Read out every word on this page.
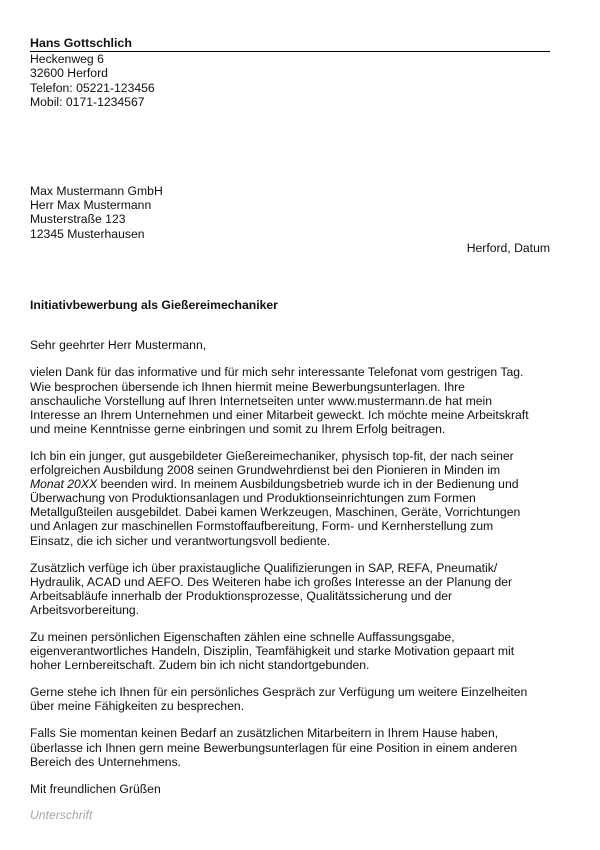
Hans Gottschlich
Heckenweg 6
32600 Herford
Telefon: 05221-123456
Mobil: 0171-1234567
Max Mustermann GmbH
Herr Max Mustermann
Musterstraße 123
12345 Musterhausen
Herford, Datum
Initiativbewerbung als Gießereimechaniker
Sehr geehrter Herr Mustermann,
vielen Dank für das informative und für mich sehr interessante Telefonat vom gestrigen Tag.
Wie besprochen übersende ich Ihnen hiermit meine Bewerbungsunterlagen. Ihre
anschauliche Vorstellung auf Ihren Internetseiten unter www.mustermann.de hat mein
Interesse an Ihrem Unternehmen und einer Mitarbeit geweckt. Ich möchte meine Arbeitskraft
und meine Kenntnisse gerne einbringen und somit zu Ihrem Erfolg beitragen.
Ich bin ein junger, gut ausgebildeter Gießereimechaniker, physisch top-fit, der nach seiner
erfolgreichen Ausbildung 2008 seinen Grundwehrdienst bei den Pionieren in Minden im
Monat 20XX beenden wird. In meinem Ausbildungsbetrieb wurde ich in der Bedienung und
Überwachung von Produktionsanlagen und Produktionseinrichtungen zum Formen
Metallgußteilen ausgebildet. Dabei kamen Werkzeugen, Maschinen, Geräte, Vorrichtungen
und Anlagen zur maschinellen Formstoffaufbereitung, Form- und Kernherstellung zum
Einsatz, die ich sicher und verantwortungsvoll bediente.
Zusätzlich verfüge ich über praxistaugliche Qualifizierungen in SAP, REFA, Pneumatik/
Hydraulik, ACAD und AEFO. Des Weiteren habe ich großes Interesse an der Planung der
Arbeitsabläufe innerhalb der Produktionsprozesse, Qualitätssicherung und der
Arbeitsvorbereitung.
Zu meinen persönlichen Eigenschaften zählen eine schnelle Auffassungsgabe,
eigenverantwortliches Handeln, Disziplin, Teamfähigkeit und starke Motivation gepaart mit
hoher Lernbereitschaft. Zudem bin ich nicht standortgebunden.
Gerne stehe ich Ihnen für ein persönliches Gespräch zur Verfügung um weitere Einzelheiten
über meine Fähigkeiten zu besprechen.
Falls Sie momentan keinen Bedarf an zusätzlichen Mitarbeitern in Ihrem Hause haben,
überlasse ich Ihnen gern meine Bewerbungsunterlagen für eine Position in einem anderen
Bereich des Unternehmens.
Mit freundlichen Grüßen
Unterschrift
